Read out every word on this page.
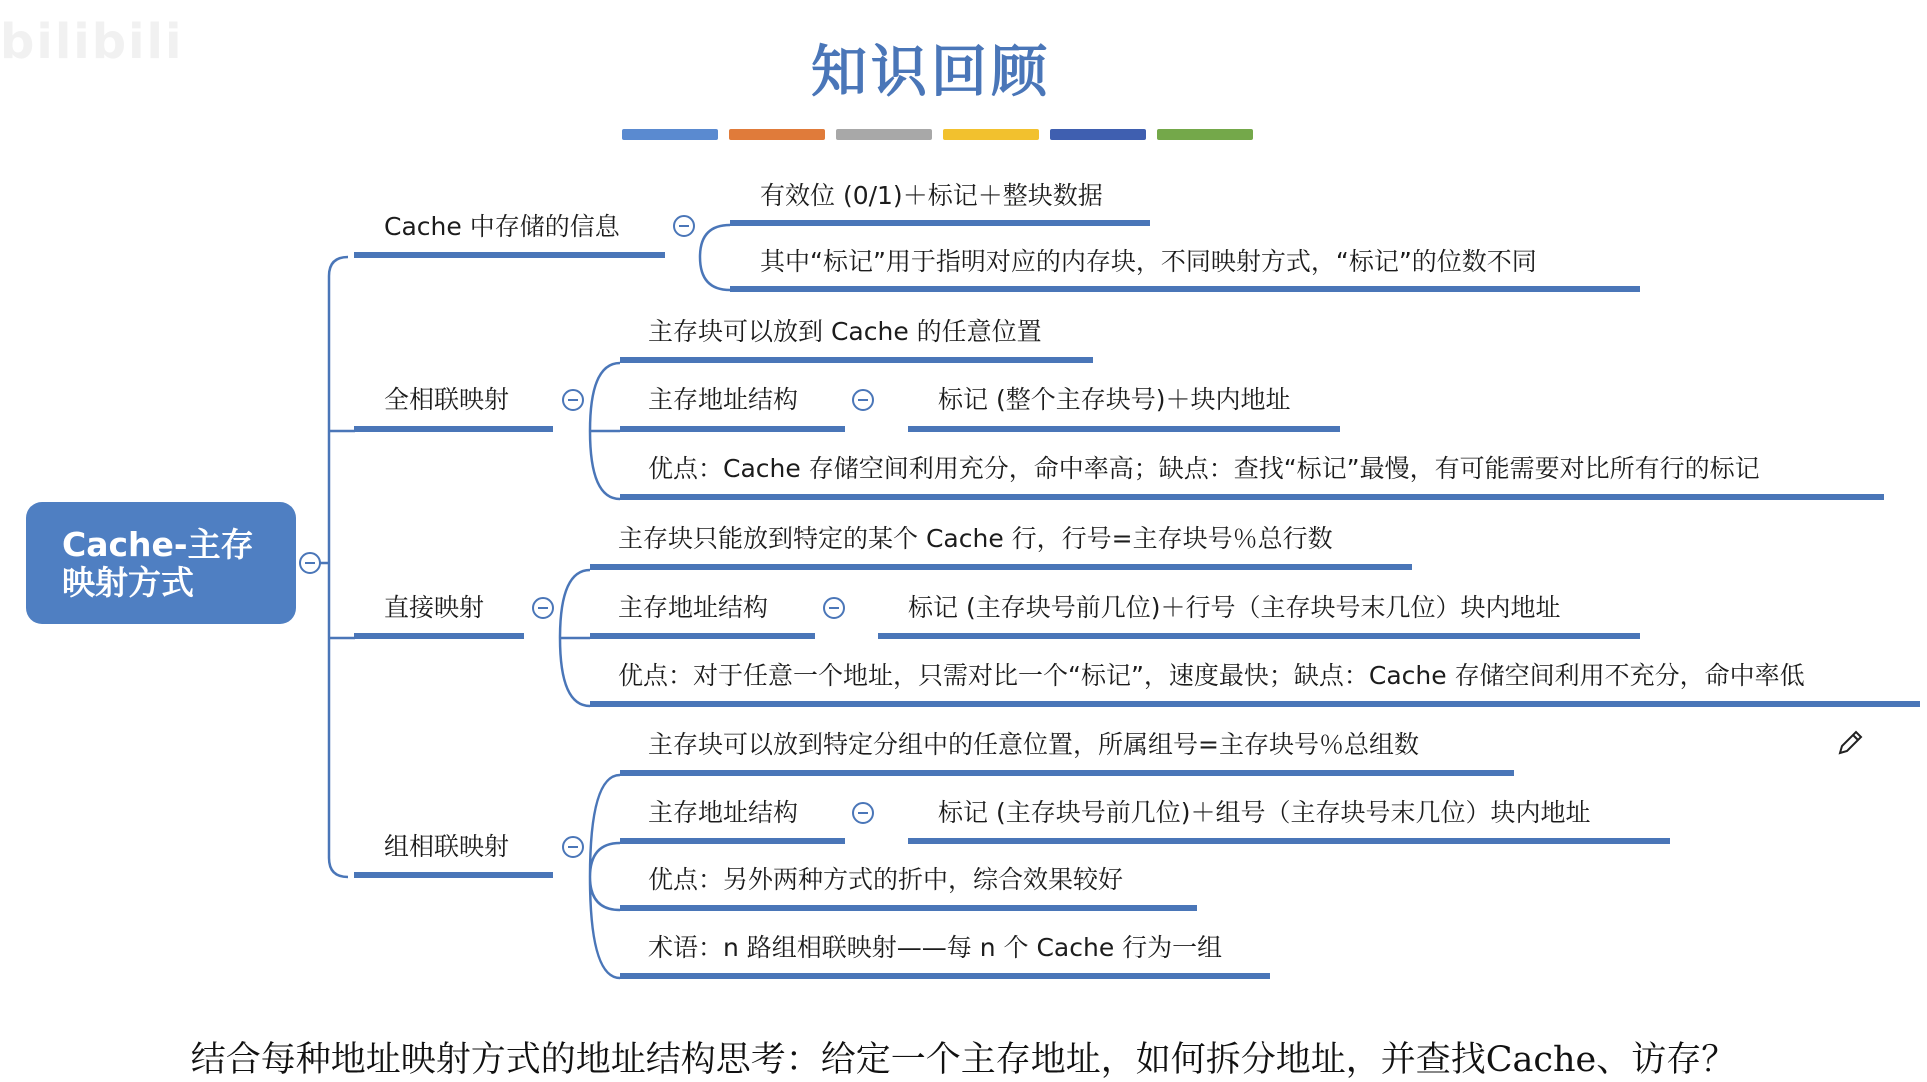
bilibili	知识回顾
Cache-主存
映射方式
Cache 中存储的信息
有效位 (0/1)＋标记＋整块数据
其中“标记”用于指明对应的内存块，不同映射方式，“标记”的位数不同
全相联映射
主存块可以放到 Cache 的任意位置
主存地址结构	标记 (整个主存块号)＋块内地址
优点：Cache 存储空间利用充分，命中率高；缺点：查找“标记”最慢，有可能需要对比所有行的标记
直接映射
主存块只能放到特定的某个 Cache 行，行号=主存块号％总行数
主存地址结构	标记 (主存块号前几位)＋行号（主存块号末几位）块内地址
优点：对于任意一个地址，只需对比一个“标记”，速度最快；缺点：Cache 存储空间利用不充分，命中率低
组相联映射
主存块可以放到特定分组中的任意位置，所属组号=主存块号％总组数
主存地址结构	标记 (主存块号前几位)＋组号（主存块号末几位）块内地址
优点：另外两种方式的折中，综合效果较好
术语：n 路组相联映射——每 n 个 Cache 行为一组
结合每种地址映射方式的地址结构思考：给定一个主存地址，如何拆分地址，并查找Cache、访存？
